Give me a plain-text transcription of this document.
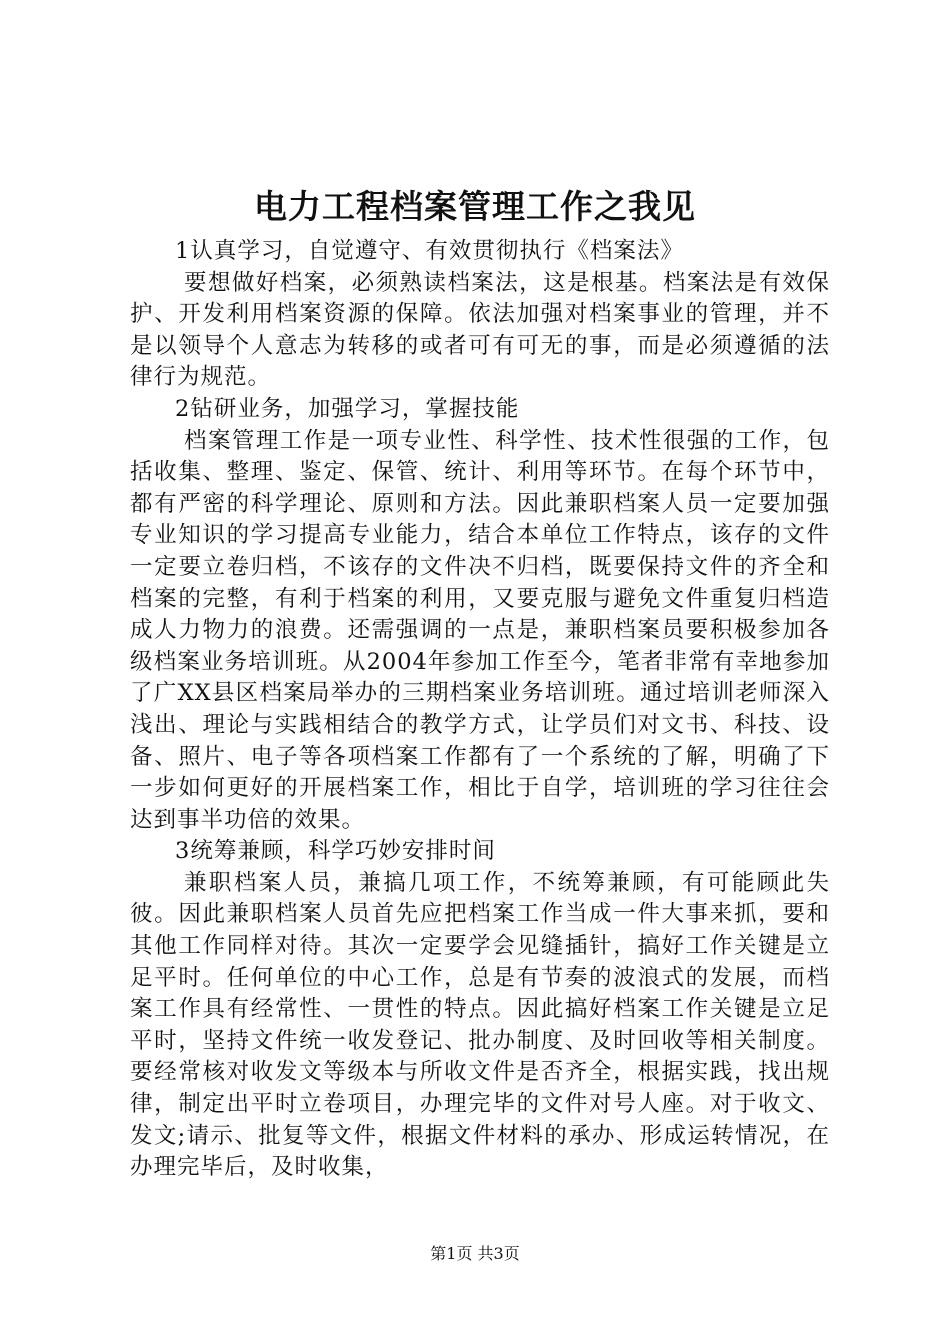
电力工程档案管理工作之我见

1认真学习，自觉遵守、有效贯彻执行《档案法》

要想做好档案，必须熟读档案法，这是根基。档案法是有效保护、开发利用档案资源的保障。依法加强对档案事业的管理，并不是以领导个人意志为转移的或者可有可无的事，而是必须遵循的法律行为规范。

2钻研业务，加强学习，掌握技能

档案管理工作是一项专业性、科学性、技术性很强的工作，包括收集、整理、鉴定、保管、统计、利用等环节。在每个环节中，都有严密的科学理论、原则和方法。因此兼职档案人员一定要加强专业知识的学习提高专业能力，结合本单位工作特点，该存的文件一定要立卷归档，不该存的文件决不归档，既要保持文件的齐全和档案的完整，有利于档案的利用，又要克服与避免文件重复归档造成人力物力的浪费。还需强调的一点是，兼职档案员要积极参加各级档案业务培训班。从2004年参加工作至今，笔者非常有幸地参加了广XX县区档案局举办的三期档案业务培训班。通过培训老师深入浅出、理论与实践相结合的教学方式，让学员们对文书、科技、设备、照片、电子等各项档案工作都有了一个系统的了解，明确了下一步如何更好的开展档案工作，相比于自学，培训班的学习往往会达到事半功倍的效果。

3统筹兼顾，科学巧妙安排时间

兼职档案人员，兼搞几项工作，不统筹兼顾，有可能顾此失彼。因此兼职档案人员首先应把档案工作当成一件大事来抓，要和其他工作同样对待。其次一定要学会见缝插针，搞好工作关键是立足平时。任何单位的中心工作，总是有节奏的波浪式的发展，而档案工作具有经常性、一贯性的特点。因此搞好档案工作关键是立足平时，坚持文件统一收发登记、批办制度、及时回收等相关制度。要经常核对收发文等级本与所收文件是否齐全，根据实践，找出规律，制定出平时立卷项目，办理完毕的文件对号人座。对于收文、发文;请示、批复等文件，根据文件材料的承办、形成运转情况，在办理完毕后，及时收集，

第1页 共3页
